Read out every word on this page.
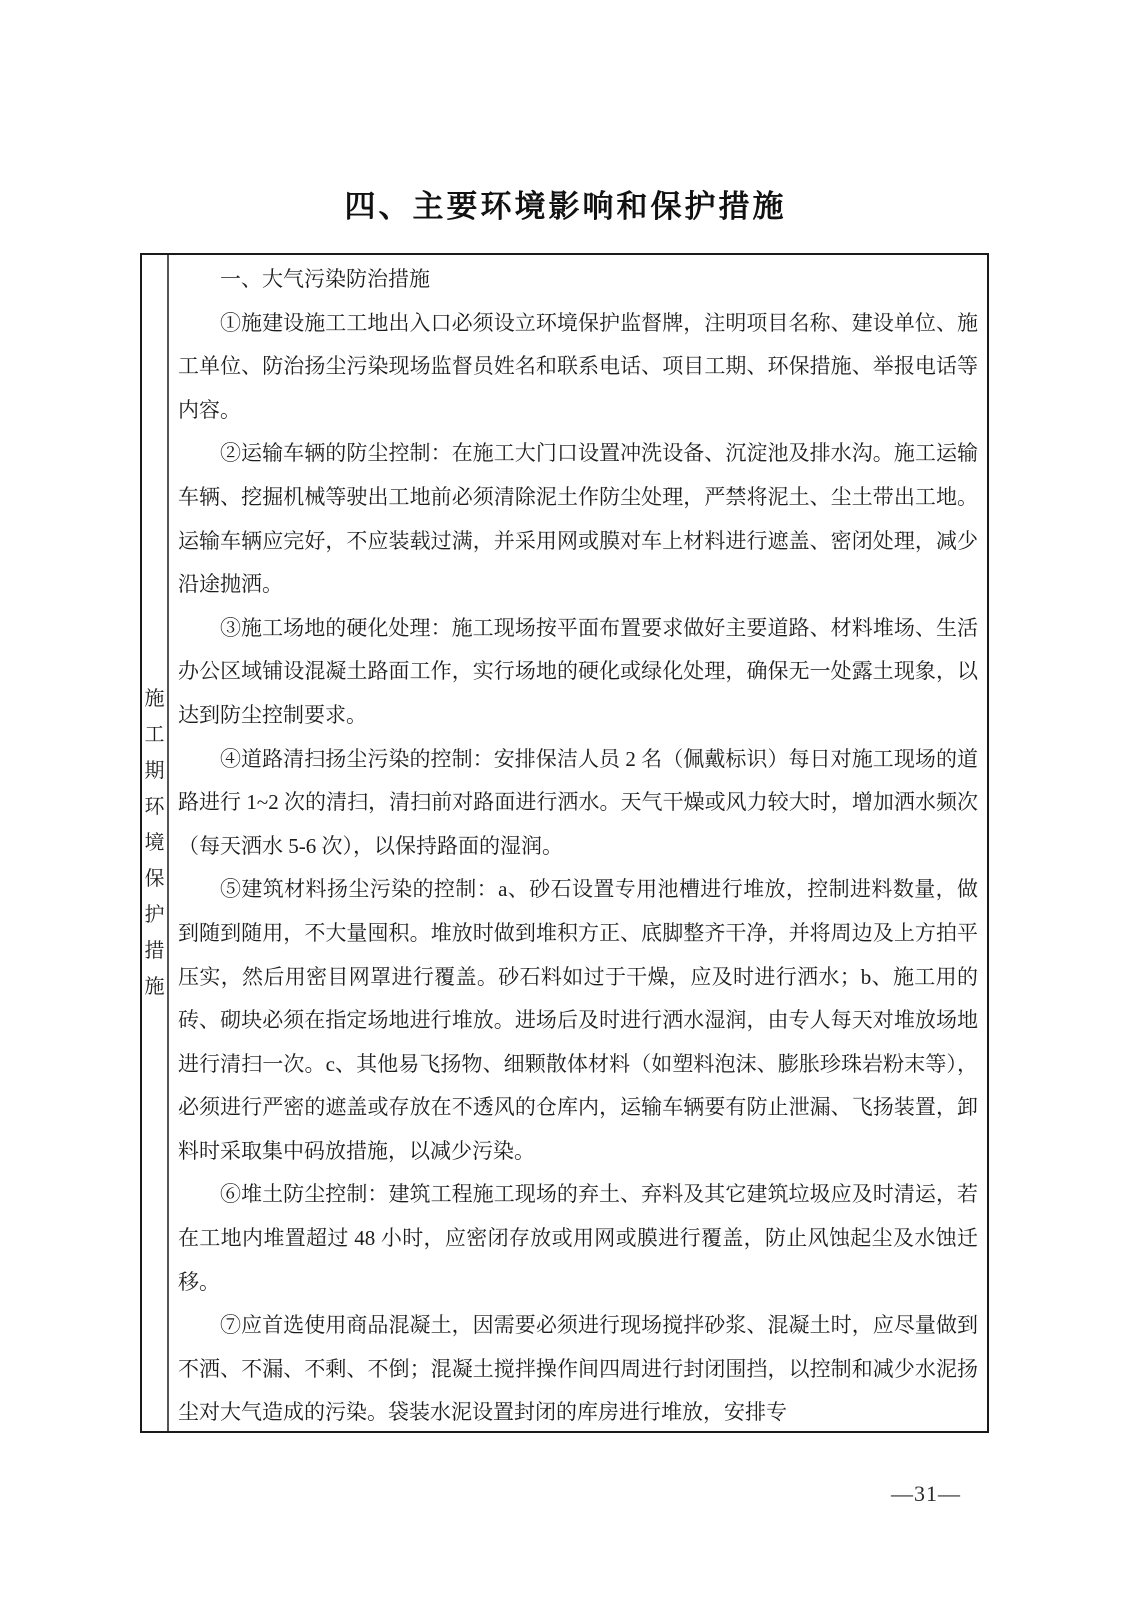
四、主要环境影响和保护措施
施工期环境保护措施

一、大气污染防治措施

①施建设施工工地出入口必须设立环境保护监督牌，注明项目名称、建设单位、施工单位、防治扬尘污染现场监督员姓名和联系电话、项目工期、环保措施、举报电话等内容。

②运输车辆的防尘控制：在施工大门口设置冲洗设备、沉淀池及排水沟。施工运输车辆、挖掘机械等驶出工地前必须清除泥土作防尘处理，严禁将泥土、尘土带出工地。运输车辆应完好，不应装载过满，并采用网或膜对车上材料进行遮盖、密闭处理，减少沿途抛洒。

③施工场地的硬化处理：施工现场按平面布置要求做好主要道路、材料堆场、生活办公区域铺设混凝土路面工作，实行场地的硬化或绿化处理，确保无一处露土现象，以达到防尘控制要求。

④道路清扫扬尘污染的控制：安排保洁人员 2 名（佩戴标识）每日对施工现场的道路进行 1~2 次的清扫，清扫前对路面进行洒水。天气干燥或风力较大时，增加洒水频次（每天洒水 5-6 次），以保持路面的湿润。

⑤建筑材料扬尘污染的控制：a、砂石设置专用池槽进行堆放，控制进料数量，做到随到随用，不大量囤积。堆放时做到堆积方正、底脚整齐干净，并将周边及上方拍平压实，然后用密目网罩进行覆盖。砂石料如过于干燥，应及时进行洒水；b、施工用的砖、砌块必须在指定场地进行堆放。进场后及时进行洒水湿润，由专人每天对堆放场地进行清扫一次。c、其他易飞扬物、细颗散体材料（如塑料泡沫、膨胀珍珠岩粉末等），必须进行严密的遮盖或存放在不透风的仓库内，运输车辆要有防止泄漏、飞扬装置，卸料时采取集中码放措施，以减少污染。

⑥堆土防尘控制：建筑工程施工现场的弃土、弃料及其它建筑垃圾应及时清运，若在工地内堆置超过 48 小时，应密闭存放或用网或膜进行覆盖，防止风蚀起尘及水蚀迁移。

⑦应首选使用商品混凝土，因需要必须进行现场搅拌砂浆、混凝土时，应尽量做到不洒、不漏、不剩、不倒；混凝土搅拌操作间四周进行封闭围挡，以控制和减少水泥扬尘对大气造成的污染。袋装水泥设置封闭的库房进行堆放，安排专

—31—
